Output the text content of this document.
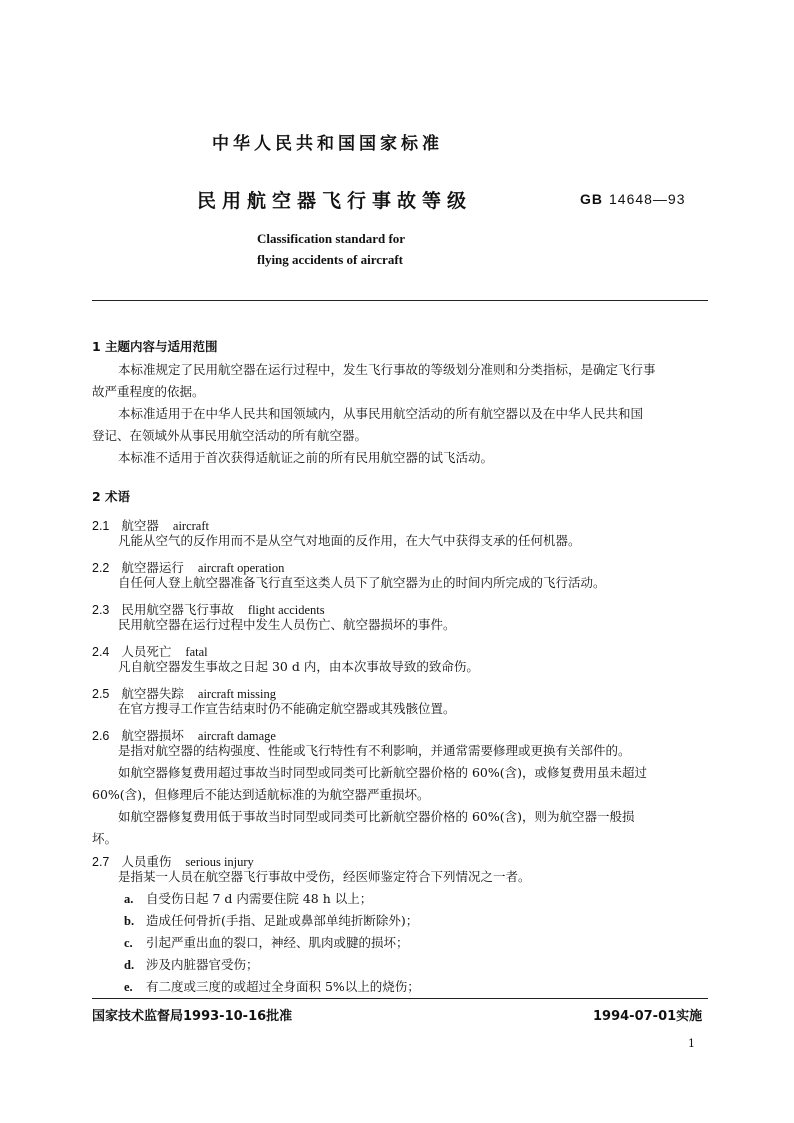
中华人民共和国国家标准
民用航空器飞行事故等级	GB 14648—93
Classification standard for
flying accidents of aircraft
1 主题内容与适用范围
本标准规定了民用航空器在运行过程中，发生飞行事故的等级划分准则和分类指标，是确定飞行事
故严重程度的依据。
本标准适用于在中华人民共和国领域内，从事民用航空活动的所有航空器以及在中华人民共和国
登记、在领域外从事民用航空活动的所有航空器。
本标准不适用于首次获得适航证之前的所有民用航空器的试飞活动。
2 术语
2.1 航空器 aircraft
凡能从空气的反作用而不是从空气对地面的反作用，在大气中获得支承的任何机器。
2.2 航空器运行 aircraft operation
自任何人登上航空器准备飞行直至这类人员下了航空器为止的时间内所完成的飞行活动。
2.3 民用航空器飞行事故 flight accidents
民用航空器在运行过程中发生人员伤亡、航空器损坏的事件。
2.4 人员死亡 fatal
凡自航空器发生事故之日起 30 d 内，由本次事故导致的致命伤。
2.5 航空器失踪 aircraft missing
在官方搜寻工作宣告结束时仍不能确定航空器或其残骸位置。
2.6 航空器损坏 aircraft damage
是指对航空器的结构强度、性能或飞行特性有不利影响，并通常需要修理或更换有关部件的。
如航空器修复费用超过事故当时同型或同类可比新航空器价格的 60%(含)，或修复费用虽未超过
60%(含)，但修理后不能达到适航标准的为航空器严重损坏。
如航空器修复费用低于事故当时同型或同类可比新航空器价格的 60%(含)，则为航空器一般损
坏。
2.7 人员重伤 serious injury
是指某一人员在航空器飞行事故中受伤，经医师鉴定符合下列情况之一者。
a. 自受伤日起 7 d 内需要住院 48 h 以上；
b. 造成任何骨折(手指、足趾或鼻部单纯折断除外)；
c. 引起严重出血的裂口，神经、肌肉或腱的损坏；
d. 涉及内脏器官受伤；
e. 有二度或三度的或超过全身面积 5%以上的烧伤；
国家技术监督局1993-10-16批准	1994-07-01实施
1
